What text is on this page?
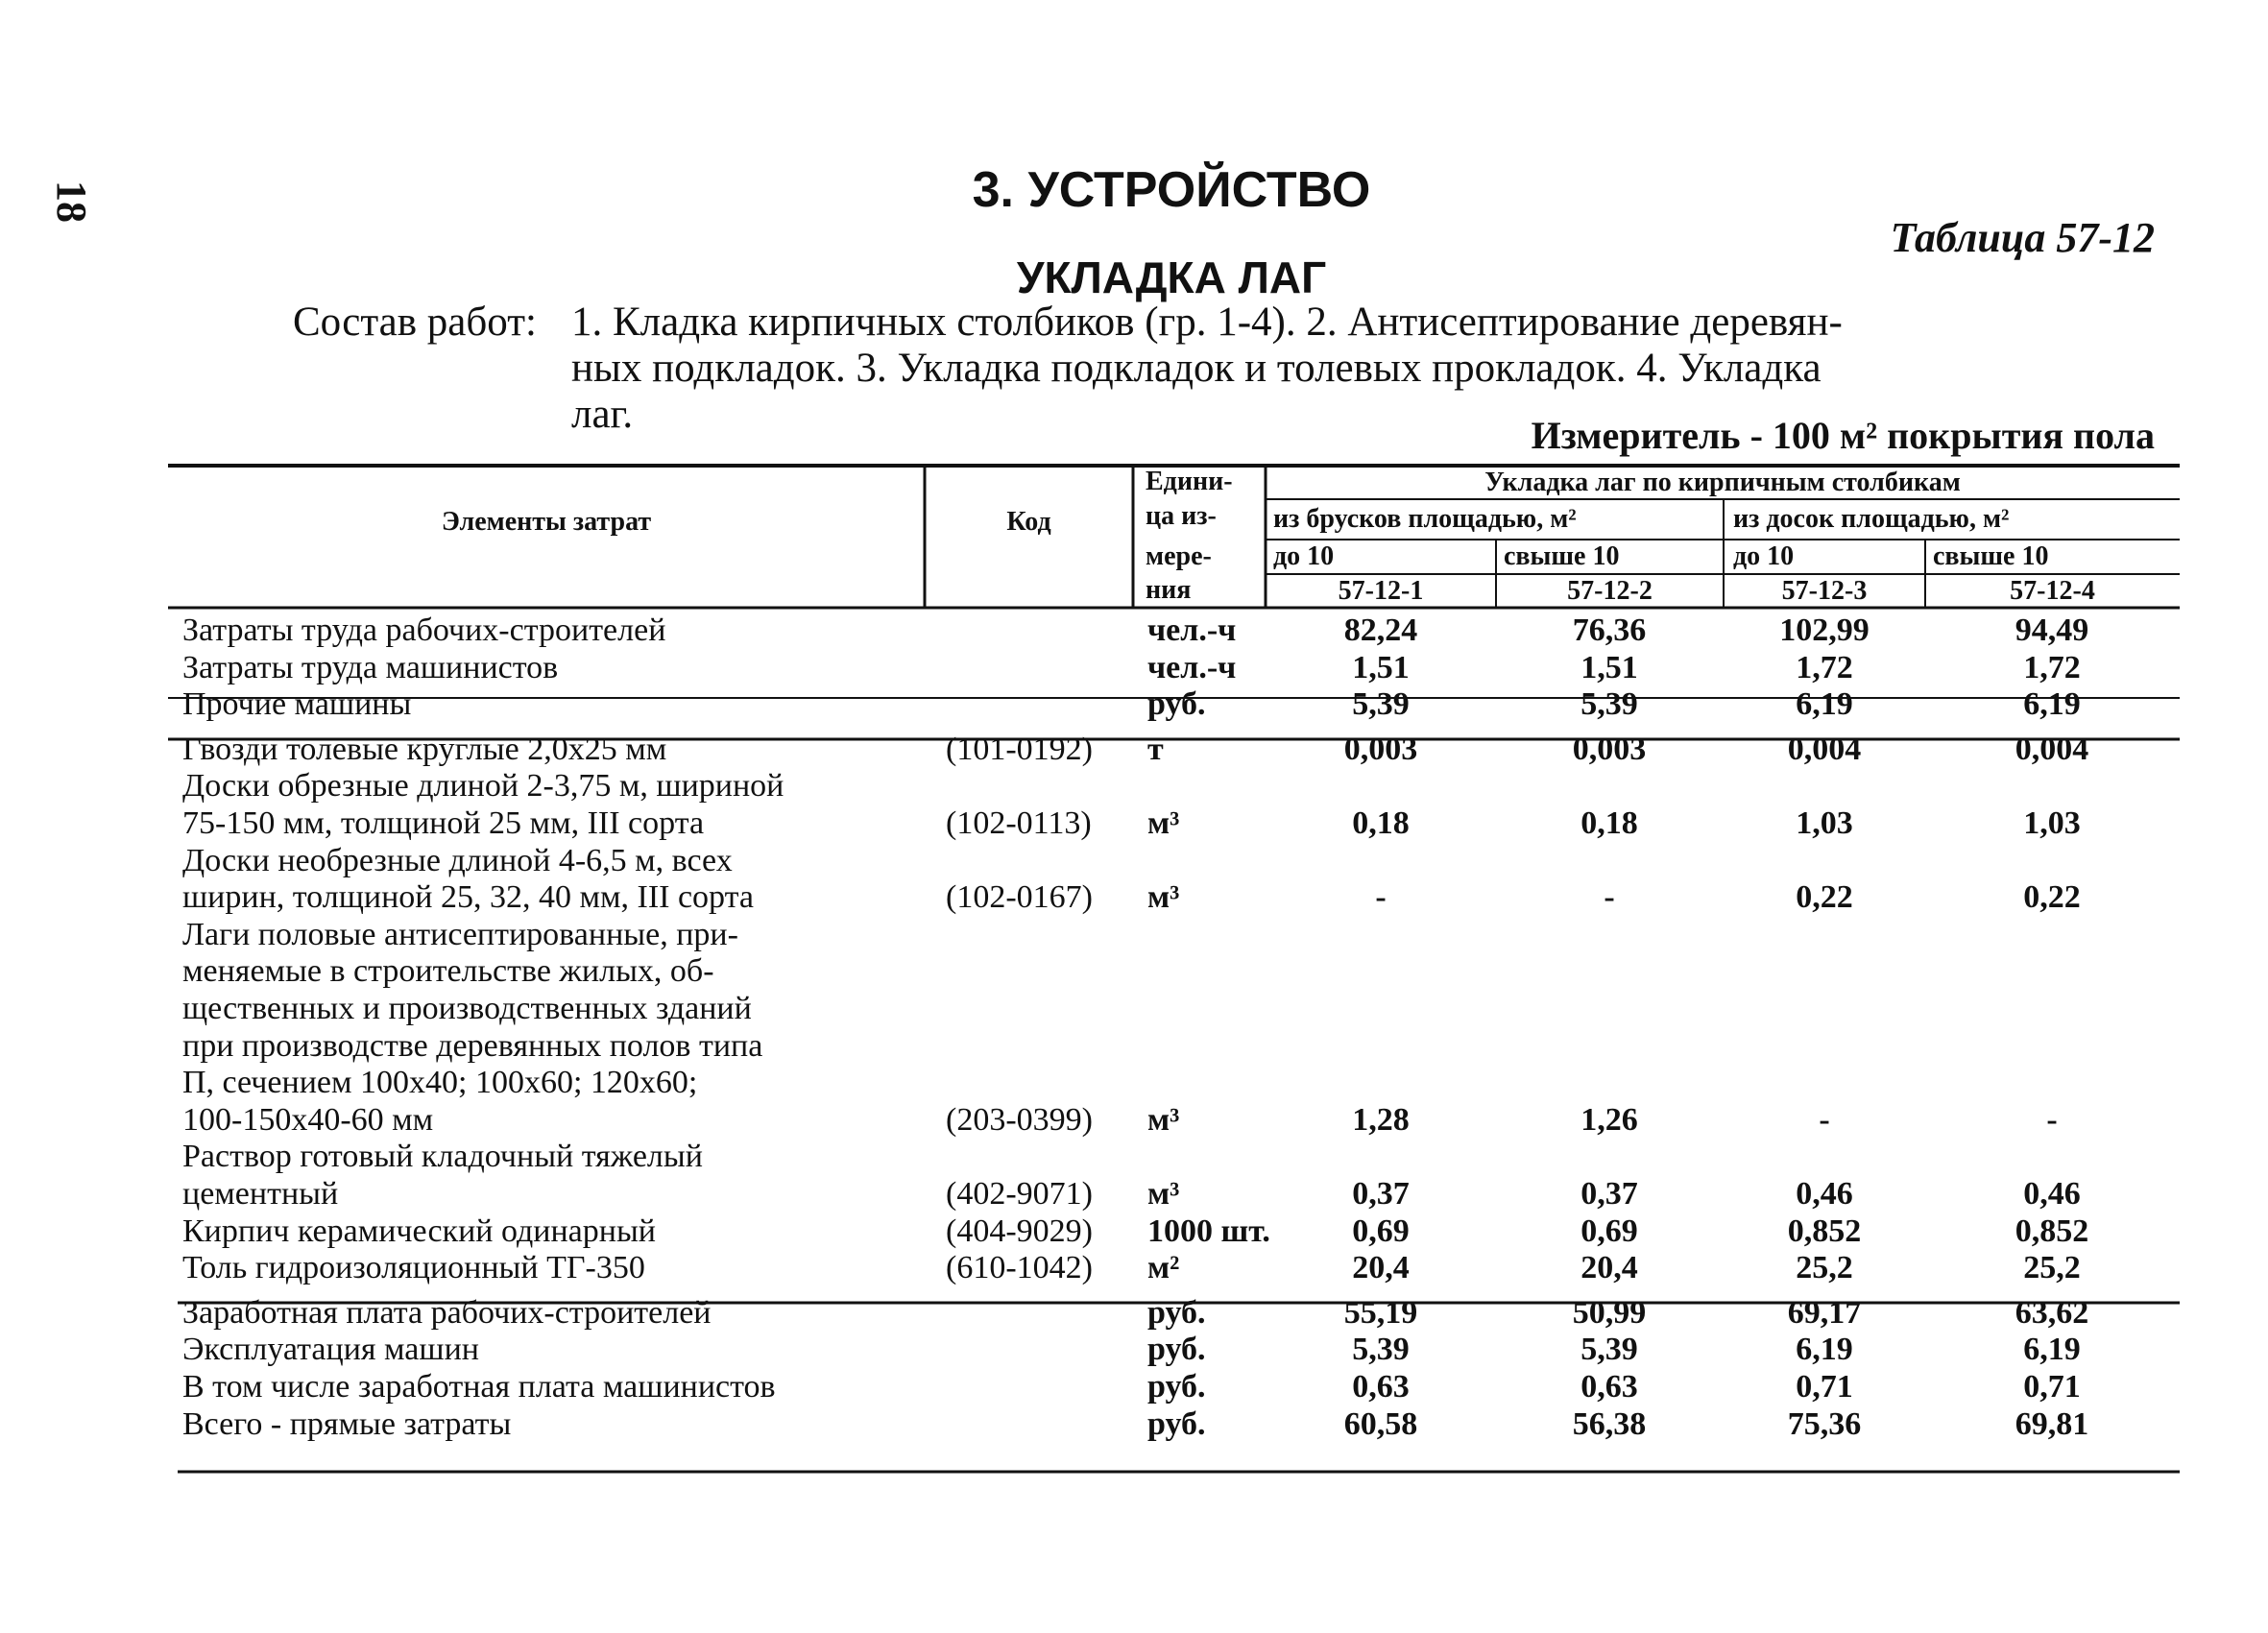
18	3. УСТРОЙСТВО
Таблица 57-12
УКЛАДКА ЛАГ
Состав работ: 1. Кладка кирпичных столбиков (гр. 1-4). 2. Антисептирование деревян-
ных подкладок. 3. Укладка подкладок и толевых прокладок. 4. Укладка
лаг.	Измеритель - 100 м² покрытия пола
Элементы затрат	Код
Едини-
ца из-
мере-
ния
Укладка лаг по кирпичным столбикам
из брусков площадью, м²	из досок площадью, м²
до 10	свыше 10	до 10	свыше 10
57-12-1	57-12-2	57-12-3	57-12-4
Затраты труда рабочих-строителей	чел.-ч	82,24	76,36	102,99	94,49
Затраты труда машинистов	чел.-ч	1,51	1,51	1,72	1,72
Прочие машины	руб.	5,39	5,39	6,19	6,19
Гвозди толевые круглые 2,0х25 мм	(101-0192) т	0,003	0,003	0,004	0,004
Доски обрезные длиной 2-3,75 м, шириной
75-150 мм, толщиной 25 мм, III сорта	(102-0113) м³	0,18	0,18	1,03	1,03
Доски необрезные длиной 4-6,5 м, всех
ширин, толщиной 25, 32, 40 мм, III сорта	(102-0167) м³	-	-	0,22	0,22
Лаги половые антисептированные, при-
меняемые в строительстве жилых, об-
щественных и производственных зданий
при производстве деревянных полов типа
П, сечением 100х40; 100х60; 120х60;
100-150х40-60 мм	(203-0399) м³	1,28	1,26	-	-
Раствор готовый кладочный тяжелый
цементный	(402-9071) м³	0,37	0,37	0,46	0,46
Кирпич керамический одинарный	(404-9029) 1000 шт.	0,69	0,69	0,852	0,852
Толь гидроизоляционный ТГ-350	(610-1042) м²	20,4	20,4	25,2	25,2
Заработная плата рабочих-строителей	руб.	55,19	50,99	69,17	63,62
Эксплуатация машин	руб.	5,39	5,39	6,19	6,19
В том числе заработная плата машинистов	руб.	0,63	0,63	0,71	0,71
Всего - прямые затраты	руб.	60,58	56,38	75,36	69,81
